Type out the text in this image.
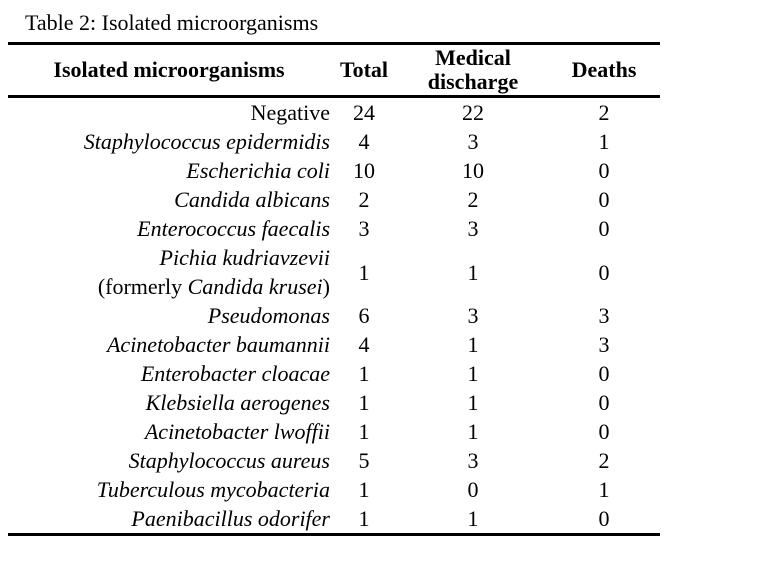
Table 2: Isolated microorganisms
Isolated microorganisms	Total	Medical discharge	Deaths
Negative	24	22	2
Staphylococcus epidermidis	4	3	1
Escherichia coli	10	10	0
Candida albicans	2	2	0
Enterococcus faecalis	3	3	0
Pichia kudriavzevii
(formerly Candida krusei)
1	1	0
Pseudomonas	6	3	3
Acinetobacter baumannii	4	1	3
Enterobacter cloacae	1	1	0
Klebsiella aerogenes	1	1	0
Acinetobacter lwoffii	1	1	0
Staphylococcus aureus	5	3	2
Tuberculous mycobacteria	1	0	1
Paenibacillus odorifer	1	1	0
